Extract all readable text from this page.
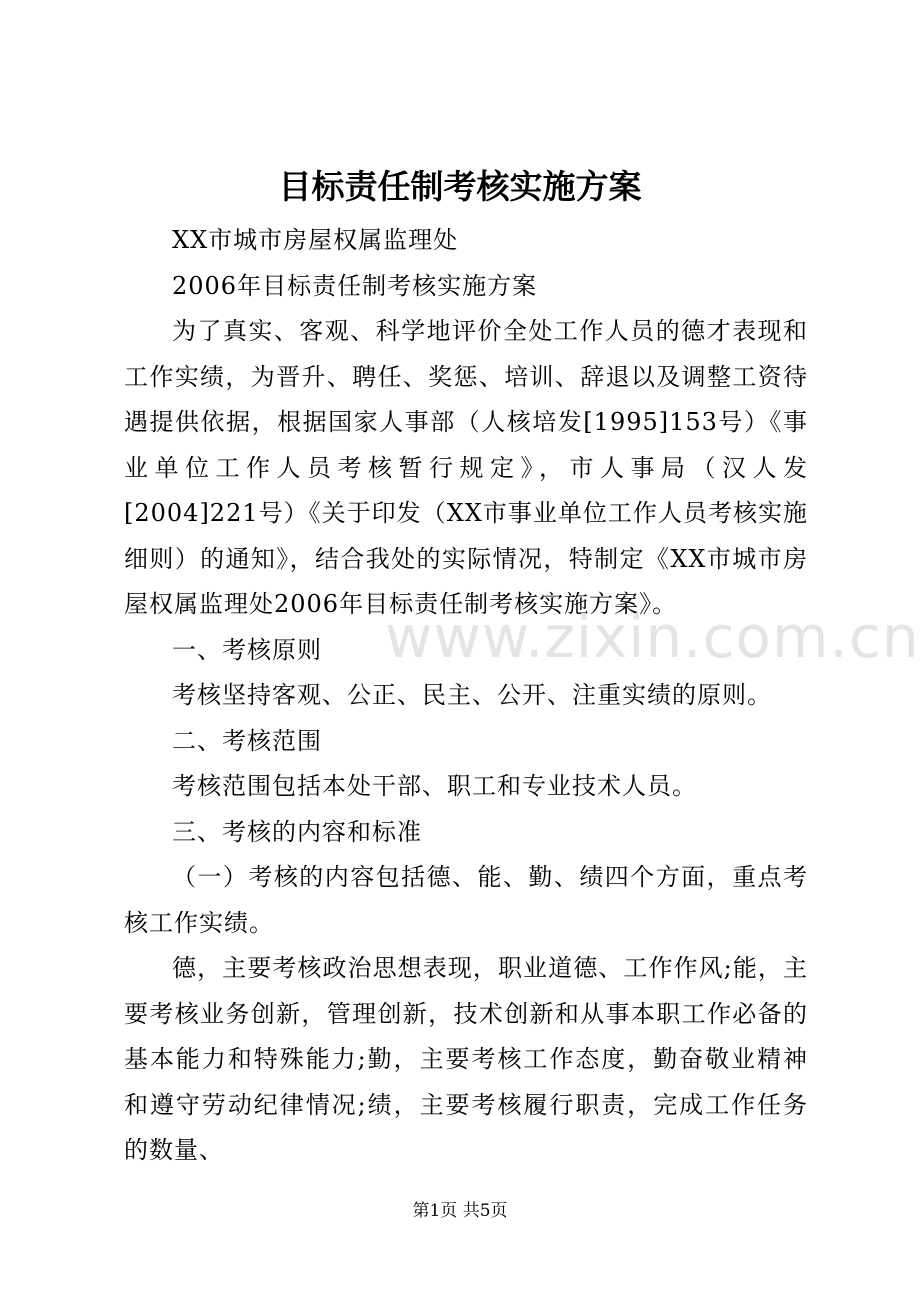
目标责任制考核实施方案

XX市城市房屋权属监理处

2006年目标责任制考核实施方案

为了真实、客观、科学地评价全处工作人员的德才表现和工作实绩，为晋升、聘任、奖惩、培训、辞退以及调整工资待遇提供依据，根据国家人事部（人核培发[1995]153号）《事业单位工作人员考核暂行规定》，市人事局（汉人发[2004]221号）《关于印发（XX市事业单位工作人员考核实施细则）的通知》，结合我处的实际情况，特制定《XX市城市房屋权属监理处2006年目标责任制考核实施方案》。

一、考核原则

考核坚持客观、公正、民主、公开、注重实绩的原则。

二、考核范围

考核范围包括本处干部、职工和专业技术人员。

三、考核的内容和标准

（一）考核的内容包括德、能、勤、绩四个方面，重点考核工作实绩。

德，主要考核政治思想表现，职业道德、工作作风;能，主要考核业务创新，管理创新，技术创新和从事本职工作必备的基本能力和特殊能力;勤，主要考核工作态度，勤奋敬业精神和遵守劳动纪律情况;绩，主要考核履行职责，完成工作任务的数量、

www.zixin.com.cn
第1页 共5页
